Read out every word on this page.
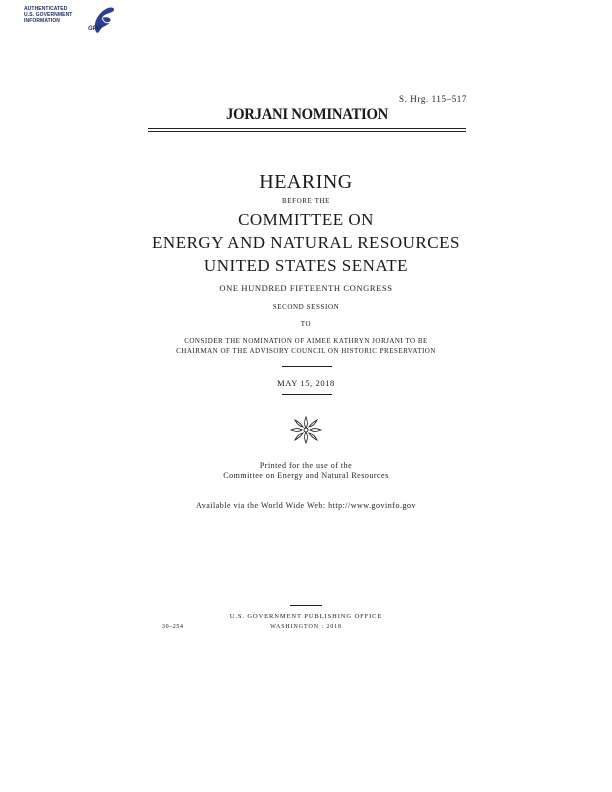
AUTHENTICATED
U.S. GOVERNMENT
INFORMATION
GPO
S. Hrg. 115–517
JORJANI NOMINATION
HEARING
BEFORE THE
COMMITTEE ON
ENERGY AND NATURAL RESOURCES
UNITED STATES SENATE
ONE HUNDRED FIFTEENTH CONGRESS
SECOND SESSION
TO
CONSIDER THE NOMINATION OF AIMEE KATHRYN JORJANI TO BE
CHAIRMAN OF THE ADVISORY COUNCIL ON HISTORIC PRESERVATION
MAY 15, 2018
Printed for the use of the
Committee on Energy and Natural Resources
Available via the World Wide Web: http://www.govinfo.gov
U.S. GOVERNMENT PUBLISHING OFFICE
30–254	WASHINGTON : 2018
